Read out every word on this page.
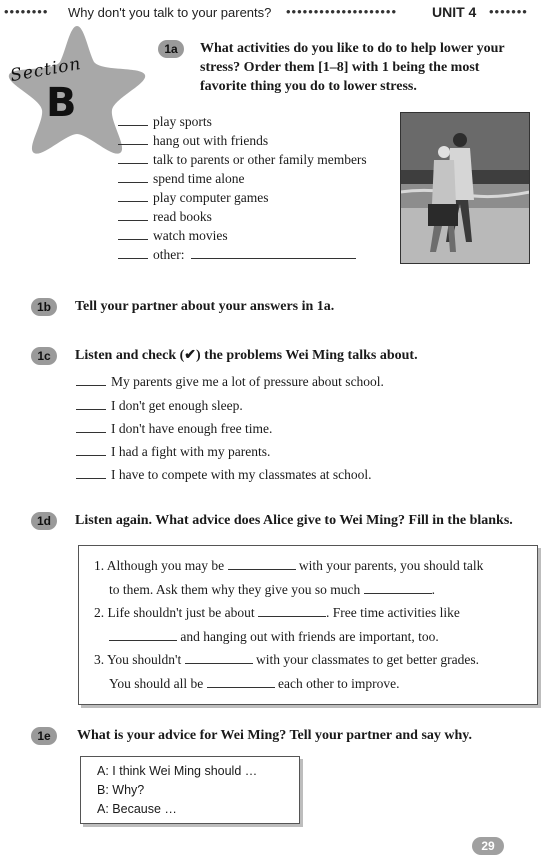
•••••••• Why don't you talk to your parents? •••••••••••••••••••• UNIT 4 •••••••
Section
B
1a	What activities do you like to do to help lower your
stress? Order them [1–8] with 1 being the most
favorite thing you do to lower stress.
play sports
hang out with friends
talk to parents or other family members
spend time alone
play computer games
read books
watch movies
other:
1b	Tell your partner about your answers in 1a.
1c	Listen and check (✔) the problems Wei Ming talks about.
My parents give me a lot of pressure about school.
I don't get enough sleep.
I don't have enough free time.
I had a fight with my parents.
I have to compete with my classmates at school.
1d	Listen again. What advice does Alice give to Wei Ming? Fill in the blanks.
1. Although you may be	with your parents, you should talk
to them. Ask them why they give you so much	.
2. Life shouldn't just be about	. Free time activities like
and hanging out with friends are important, too.
3. You shouldn't	with your classmates to get better grades.
You should all be	each other to improve.
1e	What is your advice for Wei Ming? Tell your partner and say why.
A: I think Wei Ming should …
B: Why?
A: Because …
29
